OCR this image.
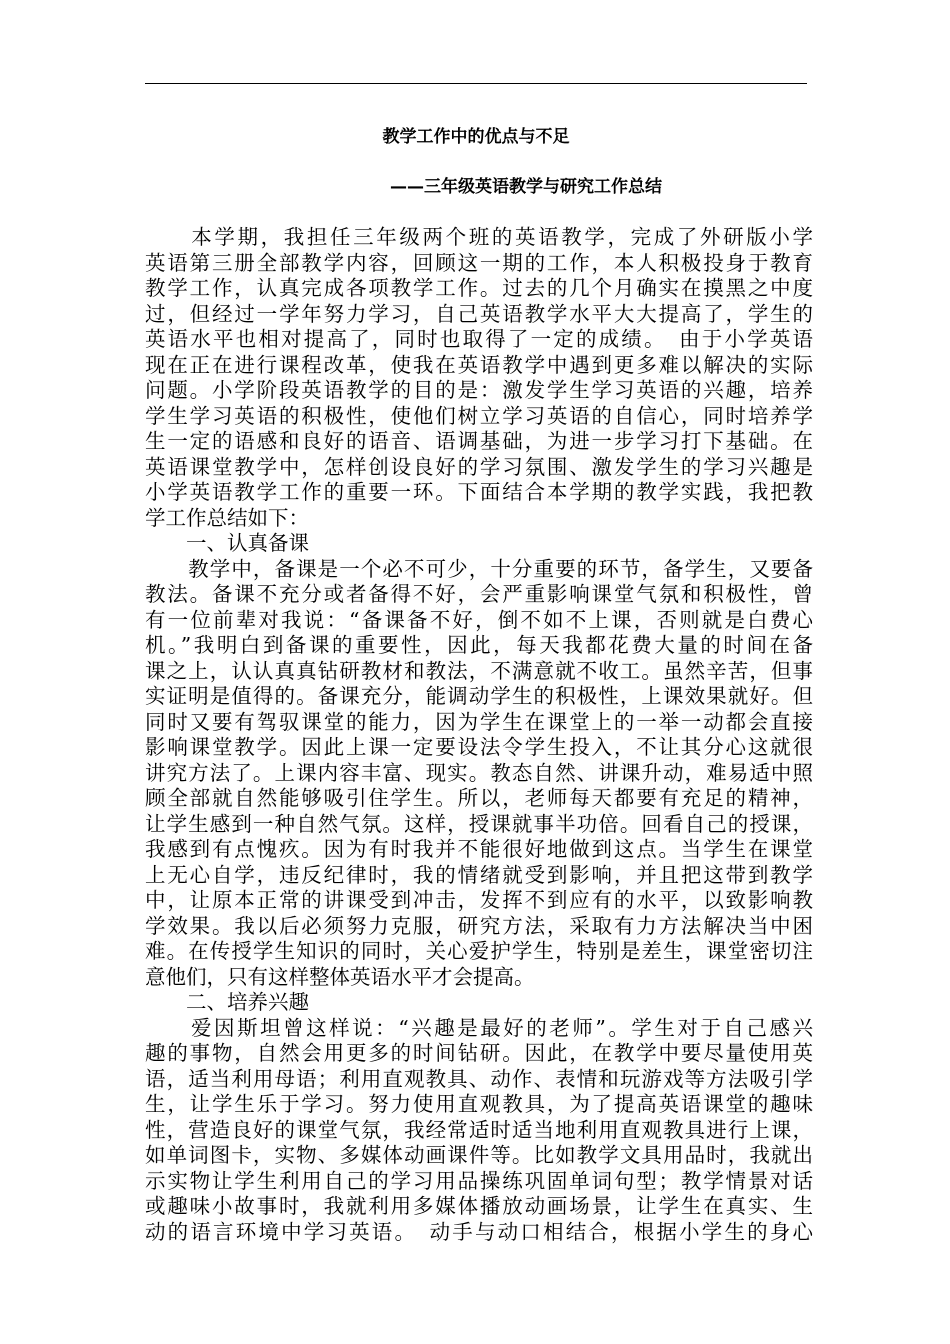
教学工作中的优点与不足
——三年级英语教学与研究工作总结

　　本学期，我担任三年级两个班的英语教学，完成了外研版小学

英语第三册全部教学内容，回顾这一期的工作，本人积极投身于教育

教学工作，认真完成各项教学工作。过去的几个月确实在摸黑之中度

过，但经过一学年努力学习，自己英语教学水平大大提高了，学生的

英语水平也相对提高了，同时也取得了一定的成绩。　由于小学英语

现在正在进行课程改革，使我在英语教学中遇到更多难以解决的实际

问题。小学阶段英语教学的目的是：激发学生学习英语的兴趣，培养

学生学习英语的积极性，使他们树立学习英语的自信心，同时培养学

生一定的语感和良好的语音、语调基础，为进一步学习打下基础。在

英语课堂教学中，怎样创设良好的学习氛围、激发学生的学习兴趣是

小学英语教学工作的重要一环。下面结合本学期的教学实践，我把教

学工作总结如下：

　　一、认真备课

　　教学中，备课是一个必不可少，十分重要的环节，备学生，又要备

教法。备课不充分或者备得不好，会严重影响课堂气氛和积极性，曾

有一位前辈对我说：“备课备不好，倒不如不上课，否则就是白费心

机。”我明白到备课的重要性，因此，每天我都花费大量的时间在备

课之上，认认真真钻研教材和教法，不满意就不收工。虽然辛苦，但事

实证明是值得的。备课充分，能调动学生的积极性，上课效果就好。但

同时又要有驾驭课堂的能力，因为学生在课堂上的一举一动都会直接

影响课堂教学。因此上课一定要设法令学生投入，不让其分心这就很

讲究方法了。上课内容丰富、现实。教态自然、讲课升动，难易适中照

顾全部就自然能够吸引住学生。所以，老师每天都要有充足的精神，

让学生感到一种自然气氛。这样，授课就事半功倍。回看自己的授课，

我感到有点愧疚。因为有时我并不能很好地做到这点。当学生在课堂

上无心自学，违反纪律时，我的情绪就受到影响，并且把这带到教学

中，让原本正常的讲课受到冲击，发挥不到应有的水平，以致影响教

学效果。我以后必须努力克服，研究方法，采取有力方法解决当中困

难。在传授学生知识的同时，关心爱护学生，特别是差生，课堂密切注

意他们，只有这样整体英语水平才会提高。

　　二、培养兴趣

　　爱因斯坦曾这样说：“兴趣是最好的老师”。学生对于自己感兴

趣的事物，自然会用更多的时间钻研。因此，在教学中要尽量使用英

语，适当利用母语；利用直观教具、动作、表情和玩游戏等方法吸引学

生，让学生乐于学习。努力使用直观教具，为了提高英语课堂的趣味

性，营造良好的课堂气氛，我经常适时适当地利用直观教具进行上课，

如单词图卡，实物、多媒体动画课件等。比如教学文具用品时，我就出

示实物让学生利用自己的学习用品操练巩固单词句型；教学情景对话

或趣味小故事时，我就利用多媒体播放动画场景，让学生在真实、生

动的语言环境中学习英语。　动手与动口相结合，根据小学生的身心
